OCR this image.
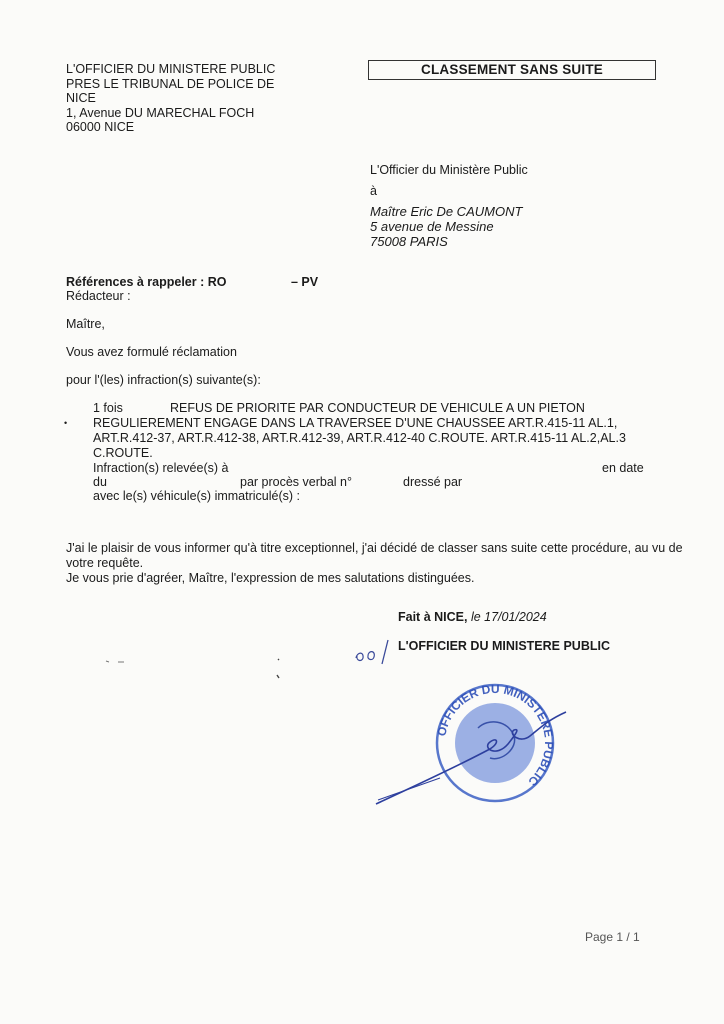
L'OFFICIER DU MINISTERE PUBLIC
PRES LE TRIBUNAL DE POLICE DE
NICE
1, Avenue DU MARECHAL FOCH
06000 NICE
CLASSEMENT SANS SUITE
L'Officier du Ministère Public
à
Maître Eric De CAUMONT
5 avenue de Messine
75008 PARIS
Références à rappeler : RO	– PV
Rédacteur :
Maître,
Vous avez formulé réclamation
pour l'(les) infraction(s) suivante(s):
1 fois	REFUS DE PRIORITE PAR CONDUCTEUR DE VEHICULE A UN PIETON
• REGULIEREMENT ENGAGE DANS LA TRAVERSEE D'UNE CHAUSSEE ART.R.415-11 AL.1,
ART.R.412-37, ART.R.412-38, ART.R.412-39, ART.R.412-40 C.ROUTE. ART.R.415-11 AL.2,AL.3
C.ROUTE.
Infraction(s) relevée(s) à	en date
du	par procès verbal n°	dressé par
avec le(s) véhicule(s) immatriculé(s) :
J'ai le plaisir de vous informer qu'à titre exceptionnel, j'ai décidé de classer sans suite cette procédure, au vu de
votre requête.
Je vous prie d'agréer, Maître, l'expression de mes salutations distinguées.
Fait à NICE, le 17/01/2024
L'OFFICIER DU MINISTERE PUBLIC
OFFICIER DU MINISTERE PUBLIC
Page 1 / 1
